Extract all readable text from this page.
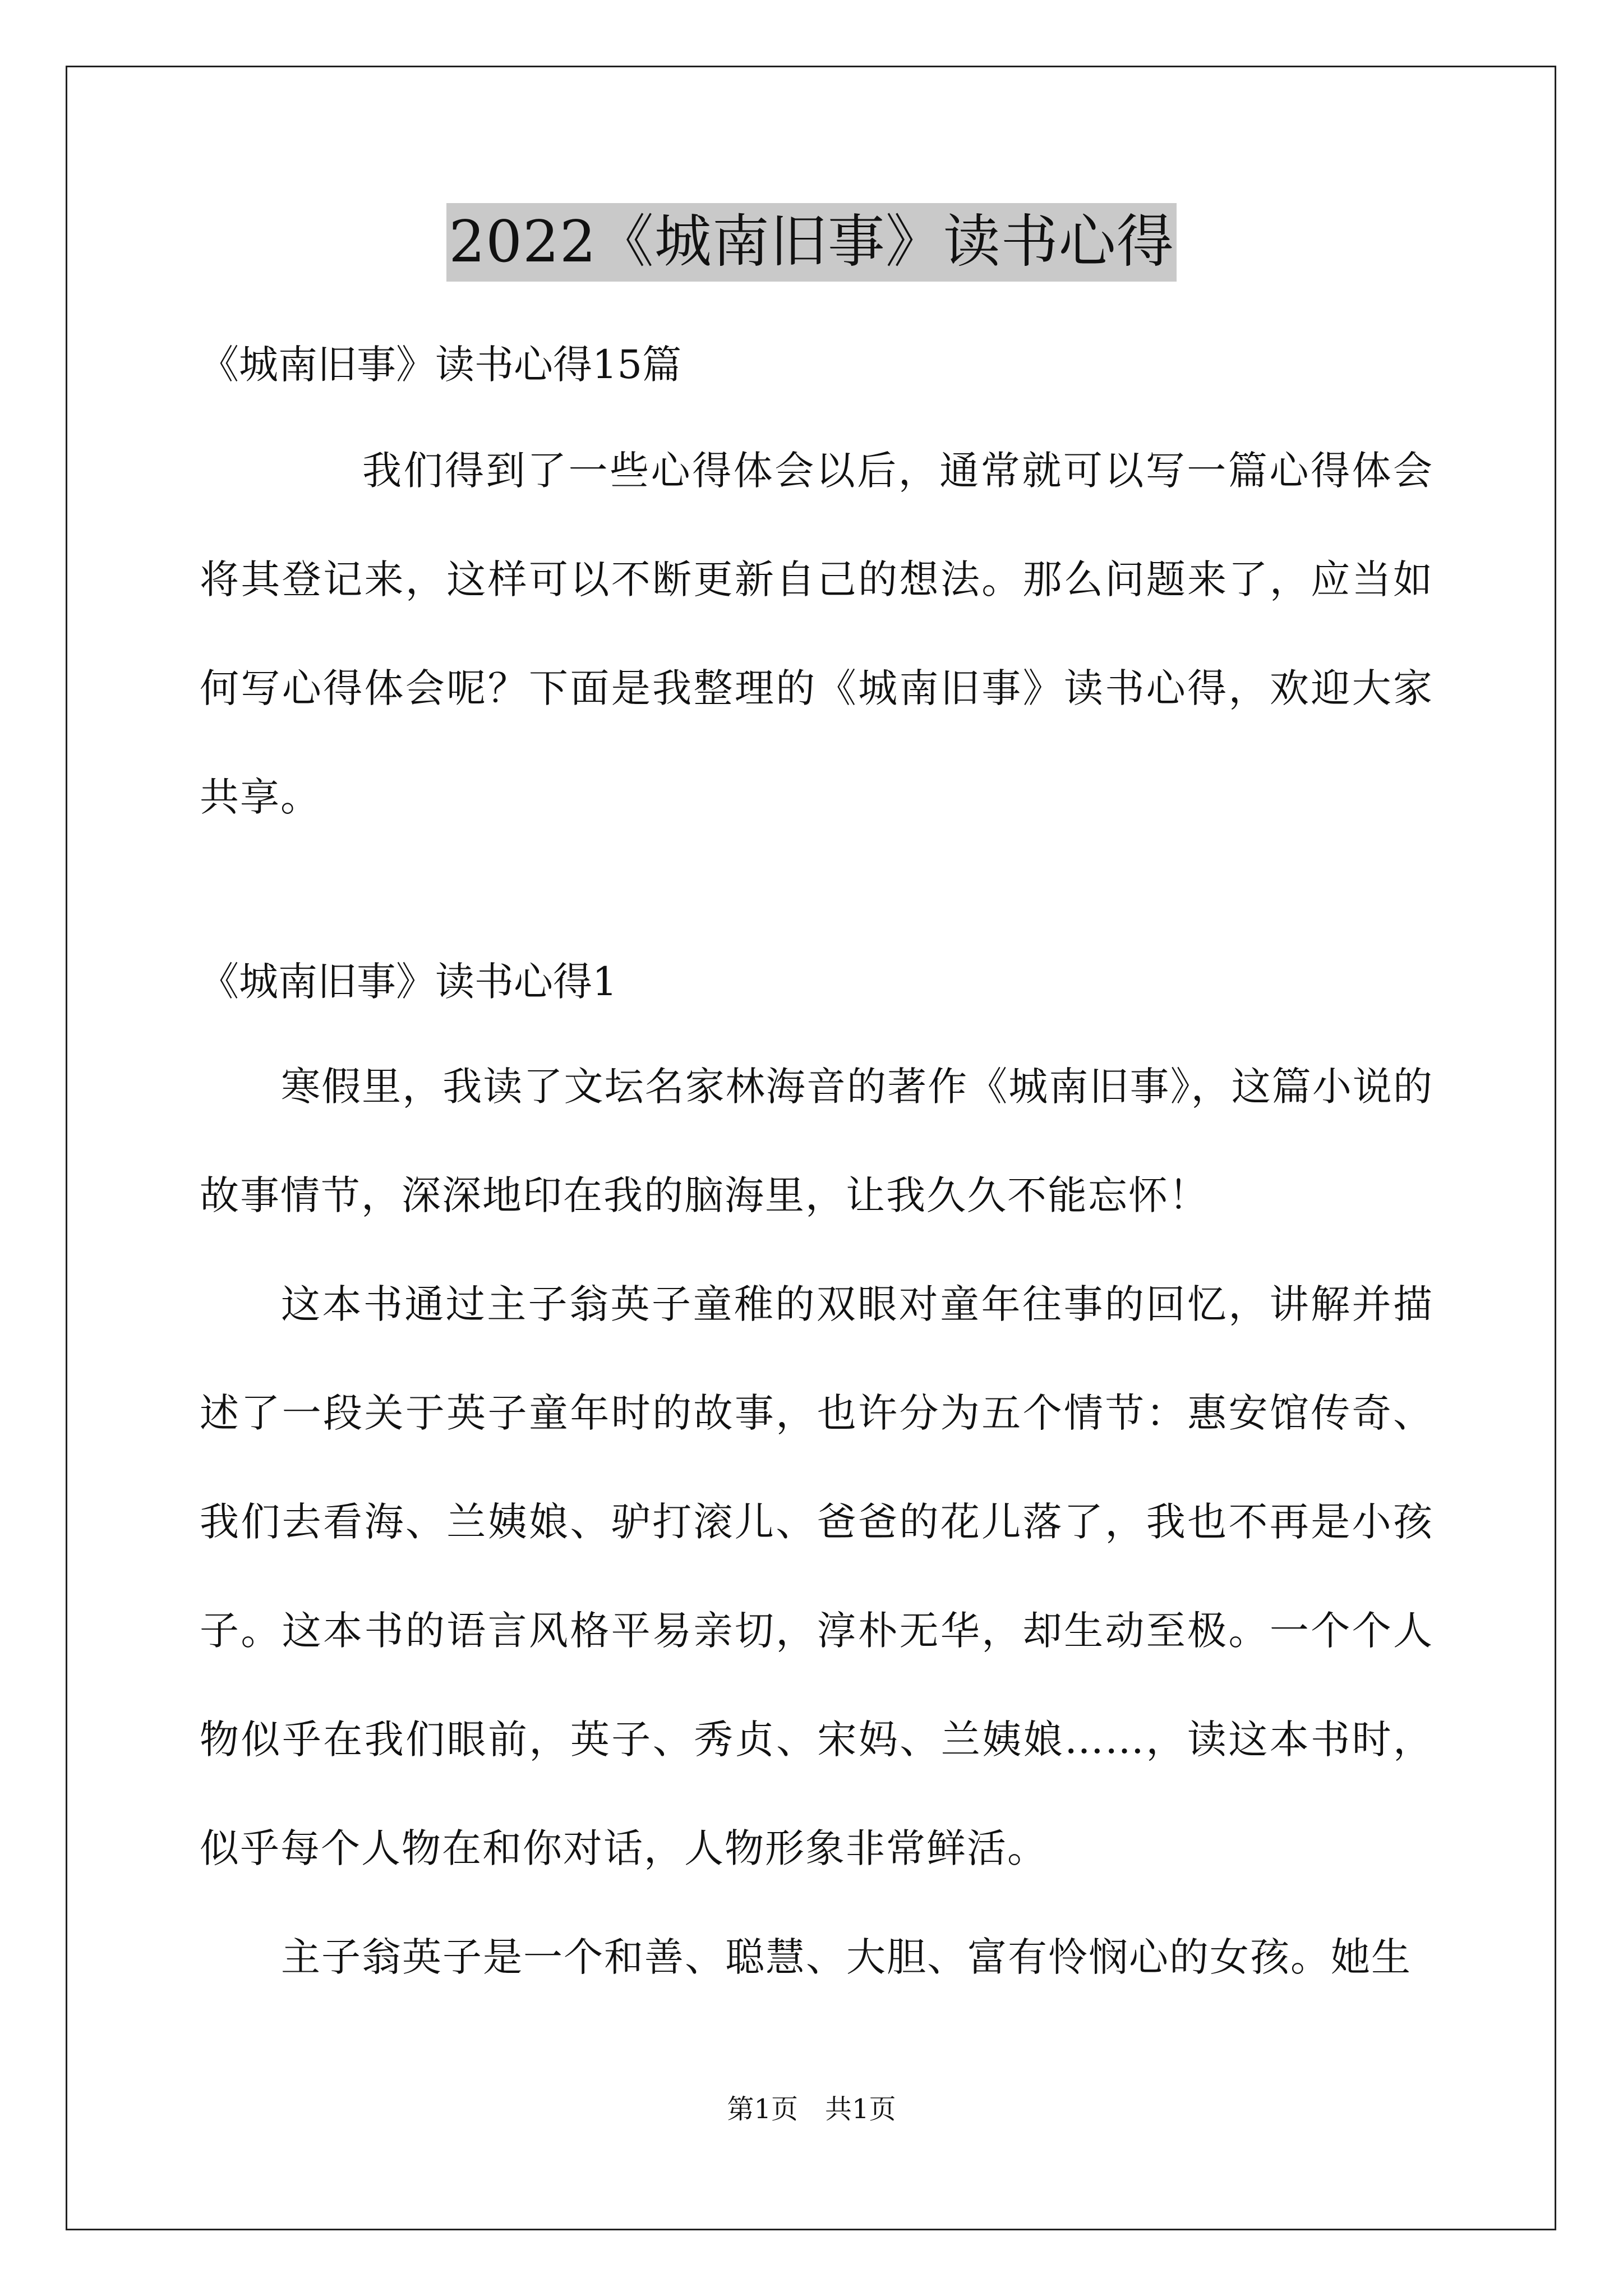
2022《城南旧事》读书心得

《城南旧事》读书心得15篇

我们得到了一些心得体会以后，通常就可以写一篇心得体会将其登记来，这样可以不断更新自己的想法。那么问题来了，应当如何写心得体会呢？下面是我整理的《城南旧事》读书心得，欢迎大家共享。

《城南旧事》读书心得1

寒假里，我读了文坛名家林海音的著作《城南旧事》，这篇小说的故事情节，深深地印在我的脑海里，让我久久不能忘怀！

这本书通过主子翁英子童稚的双眼对童年往事的回忆，讲解并描述了一段关于英子童年时的故事，也许分为五个情节：惠安馆传奇、我们去看海、兰姨娘、驴打滚儿、爸爸的花儿落了，我也不再是小孩子。这本书的语言风格平易亲切，淳朴无华，却生动至极。一个个人物似乎在我们眼前，英子、秀贞、宋妈、兰姨娘……，读这本书时，似乎每个人物在和你对话，人物形象非常鲜活。

主子翁英子是一个和善、聪慧、大胆、富有怜悯心的女孩。她生

第1页　共1页
